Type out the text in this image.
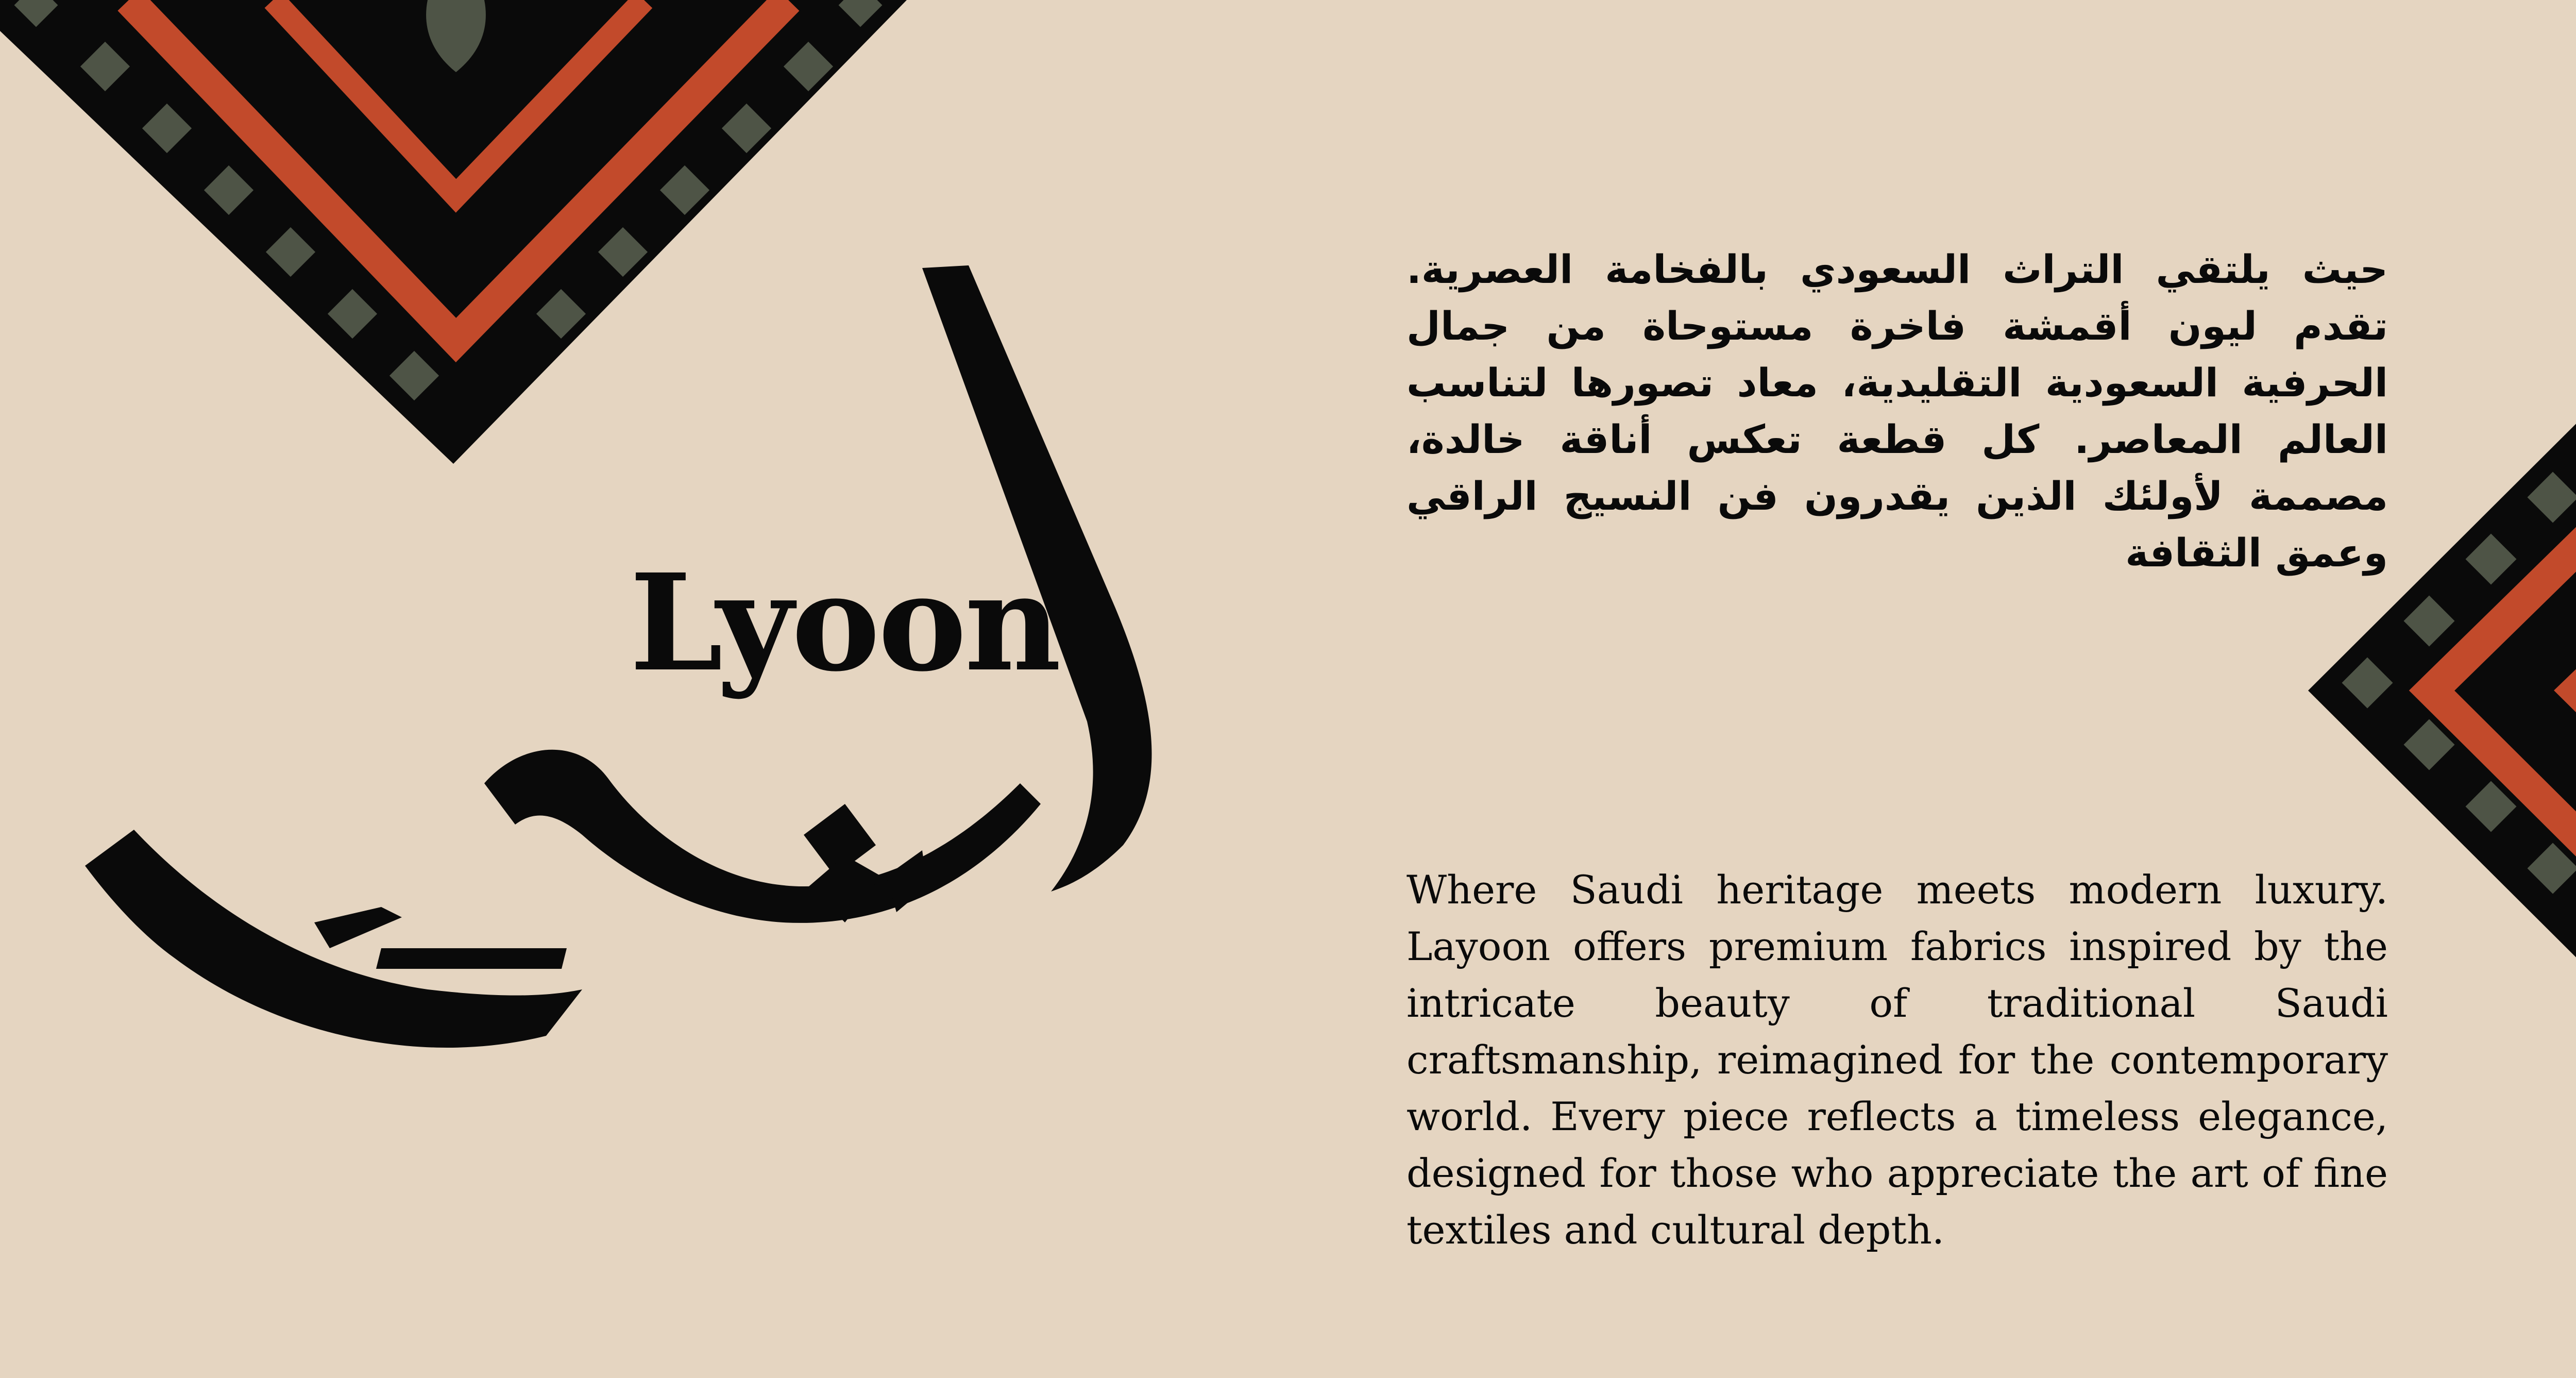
Lyoon
حيث يلتقي التراث السعودي بالفخامة العصرية. تقدم ليون أقمشة فاخرة مستوحاة من جمال الحرفية السعودية التقليدية، معاد تصورها لتناسب العالم المعاصر. كل قطعة تعكس أناقة خالدة، مصممة لأولئك الذين يقدرون فن النسيج الراقي وعمق الثقافة
Where Saudi heritage meets modern luxury. Layoon offers premium fabrics inspired by the intricate beauty of traditional Saudi craftsmanship, reimagined for the contemporary world. Every piece reflects a timeless elegance, designed for those who appreciate the art of fine textiles and cultural depth.
